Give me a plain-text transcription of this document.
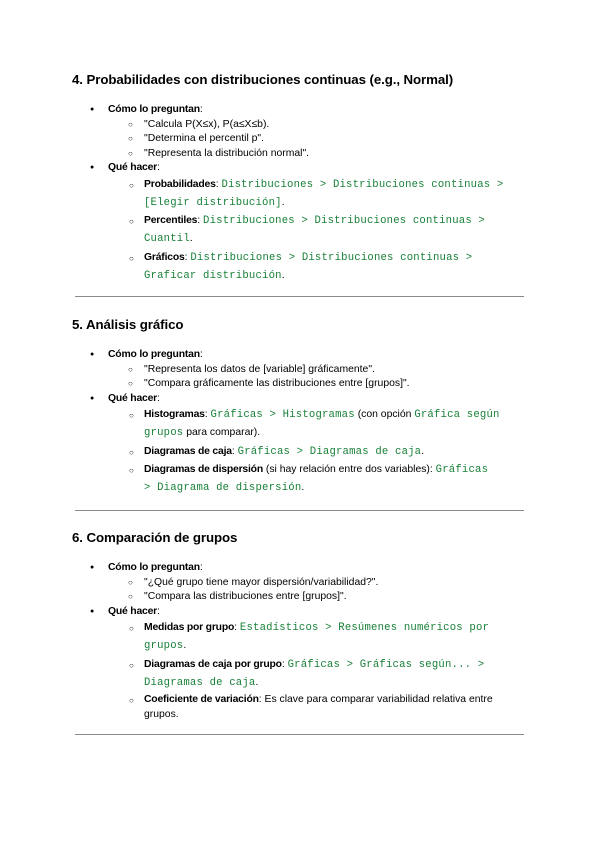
4. Probabilidades con distribuciones continuas (e.g., Normal)
● Cómo lo preguntan:
○ "Calcula P(X≤x), P(a≤X≤b).
○ "Determina el percentil p".
○ "Representa la distribución normal".
● Qué hacer:
○ Probabilidades: Distribuciones > Distribuciones continuas >
[Elegir distribución].
○ Percentiles: Distribuciones > Distribuciones continuas >
Cuantil.
○ Gráficos: Distribuciones > Distribuciones continuas >
Graficar distribución.
5. Análisis gráfico
● Cómo lo preguntan:
○ "Representa los datos de [variable] gráficamente".
○ "Compara gráficamente las distribuciones entre [grupos]".
● Qué hacer:
○ Histogramas: Gráficas > Histogramas (con opción Gráfica según
grupos para comparar).
○ Diagramas de caja: Gráficas > Diagramas de caja.
○ Diagramas de dispersión (si hay relación entre dos variables): Gráficas
> Diagrama de dispersión.
6. Comparación de grupos
● Cómo lo preguntan:
○ "¿Qué grupo tiene mayor dispersión/variabilidad?".
○ "Compara las distribuciones entre [grupos]".
● Qué hacer:
○ Medidas por grupo: Estadísticos > Resúmenes numéricos por
grupos.
○ Diagramas de caja por grupo: Gráficas > Gráficas según... >
Diagramas de caja.
○ Coeficiente de variación: Es clave para comparar variabilidad relativa entre
grupos.
